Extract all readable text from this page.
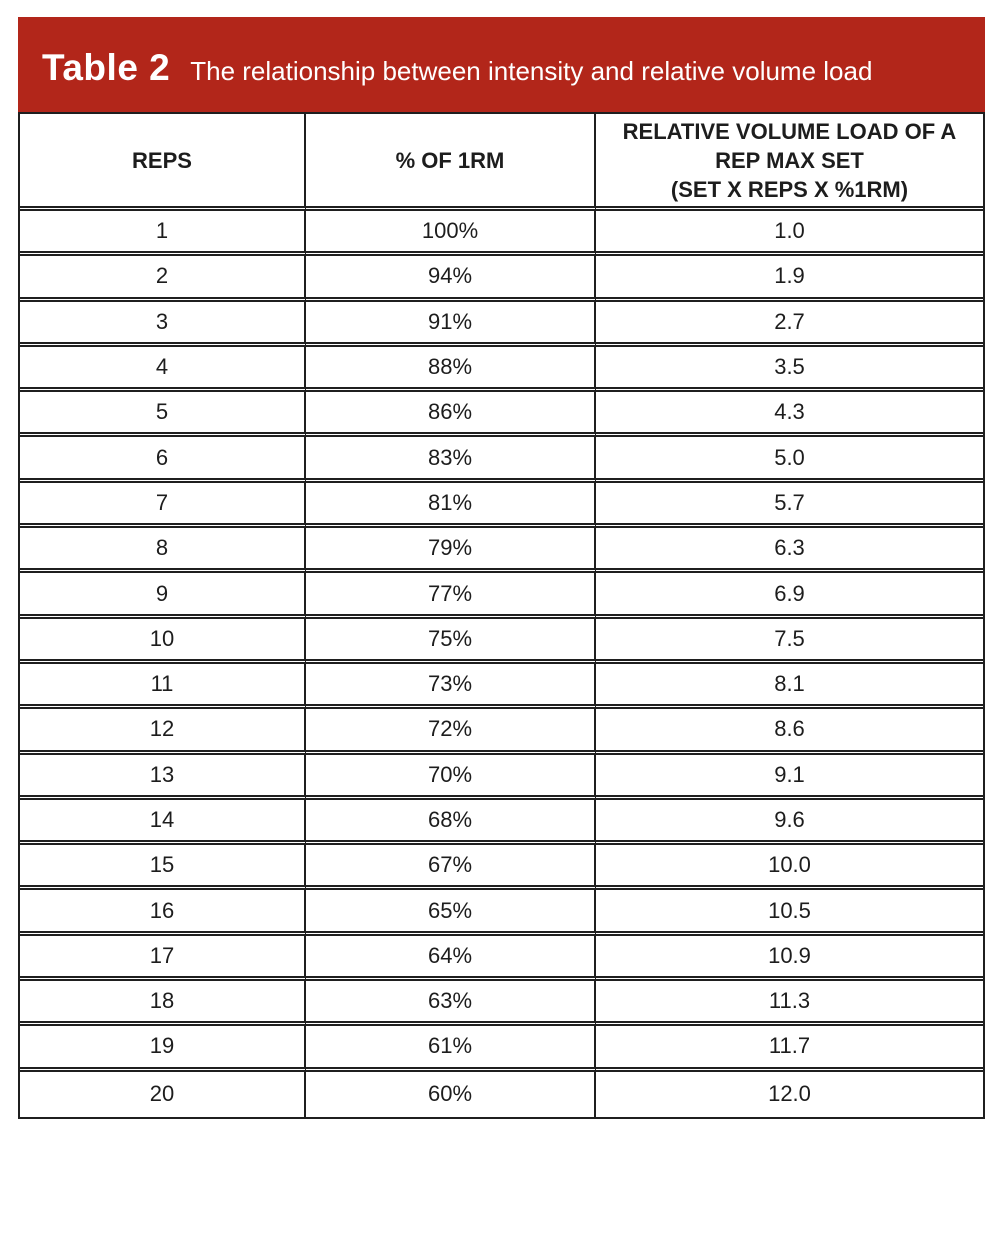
Table 2 The relationship between intensity and relative volume load
REPS	% OF 1RM	RELATIVE VOLUME LOAD OF A
REP MAX SET
(SET X REPS X %1RM)

1	100%	1.0
2	94%	1.9
3	91%	2.7
4	88%	3.5
5	86%	4.3
6	83%	5.0
7	81%	5.7
8	79%	6.3
9	77%	6.9
10	75%	7.5
11	73%	8.1
12	72%	8.6
13	70%	9.1
14	68%	9.6
15	67%	10.0
16	65%	10.5
17	64%	10.9
18	63%	11.3
19	61%	11.7
20	60%	12.0
